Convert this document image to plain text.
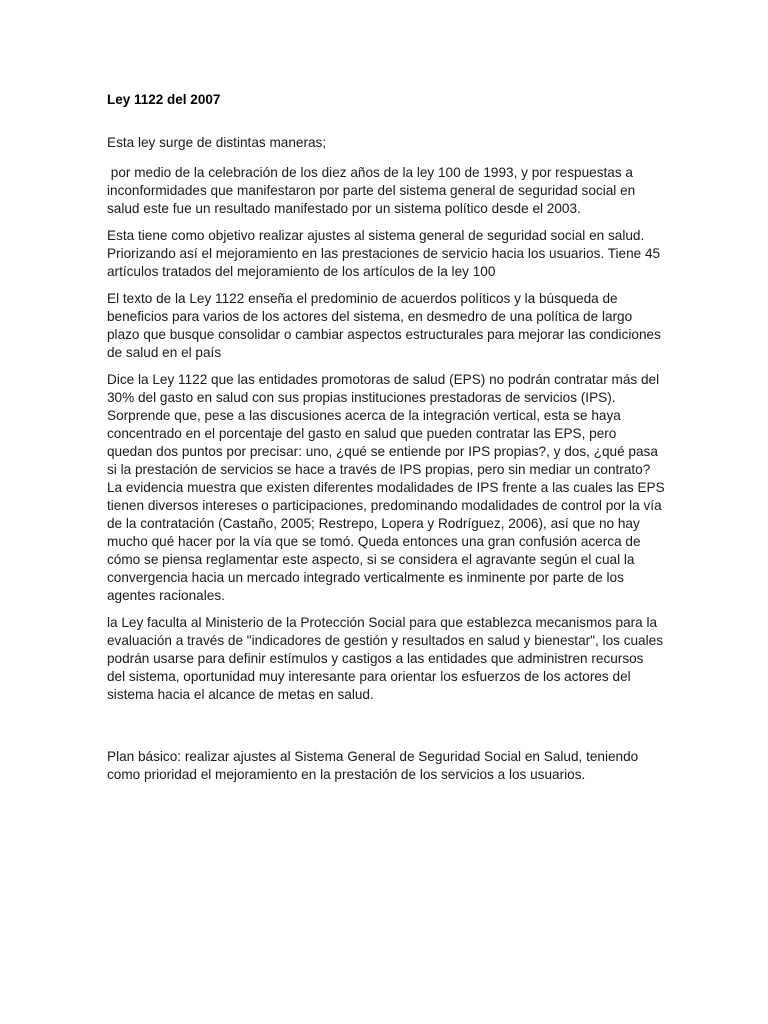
Ley 1122 del 2007

Esta ley surge de distintas maneras;

por medio de la celebración de los diez años de la ley 100 de 1993, y por respuestas a inconformidades que manifestaron por parte del sistema general de seguridad social en salud este fue un resultado manifestado por un sistema político desde el 2003.

Esta tiene como objetivo realizar ajustes al sistema general de seguridad social en salud. Priorizando así el mejoramiento en las prestaciones de servicio hacia los usuarios. Tiene 45 artículos tratados del mejoramiento de los artículos de la ley 100

El texto de la Ley 1122 enseña el predominio de acuerdos políticos y la búsqueda de beneficios para varios de los actores del sistema, en desmedro de una política de largo plazo que busque consolidar o cambiar aspectos estructurales para mejorar las condiciones de salud en el país

Dice la Ley 1122 que las entidades promotoras de salud (EPS) no podrán contratar más del 30% del gasto en salud con sus propias instituciones prestadoras de servicios (IPS). Sorprende que, pese a las discusiones acerca de la integración vertical, esta se haya concentrado en el porcentaje del gasto en salud que pueden contratar las EPS, pero quedan dos puntos por precisar: uno, ¿qué se entiende por IPS propias?, y dos, ¿qué pasa si la prestación de servicios se hace a través de IPS propias, pero sin mediar un contrato? La evidencia muestra que existen diferentes modalidades de IPS frente a las cuales las EPS tienen diversos intereses o participaciones, predominando modalidades de control por la vía de la contratación (Castaño, 2005; Restrepo, Lopera y Rodríguez, 2006), así que no hay mucho qué hacer por la vía que se tomó. Queda entonces una gran confusión acerca de cómo se piensa reglamentar este aspecto, si se considera el agravante según el cual la convergencia hacia un mercado integrado verticalmente es inminente por parte de los agentes racionales.

la Ley faculta al Ministerio de la Protección Social para que establezca mecanismos para la evaluación a través de "indicadores de gestión y resultados en salud y bienestar", los cuales podrán usarse para definir estímulos y castigos a las entidades que administren recursos del sistema, oportunidad muy interesante para orientar los esfuerzos de los actores del sistema hacia el alcance de metas en salud.

Plan básico: realizar ajustes al Sistema General de Seguridad Social en Salud, teniendo como prioridad el mejoramiento en la prestación de los servicios a los usuarios.
